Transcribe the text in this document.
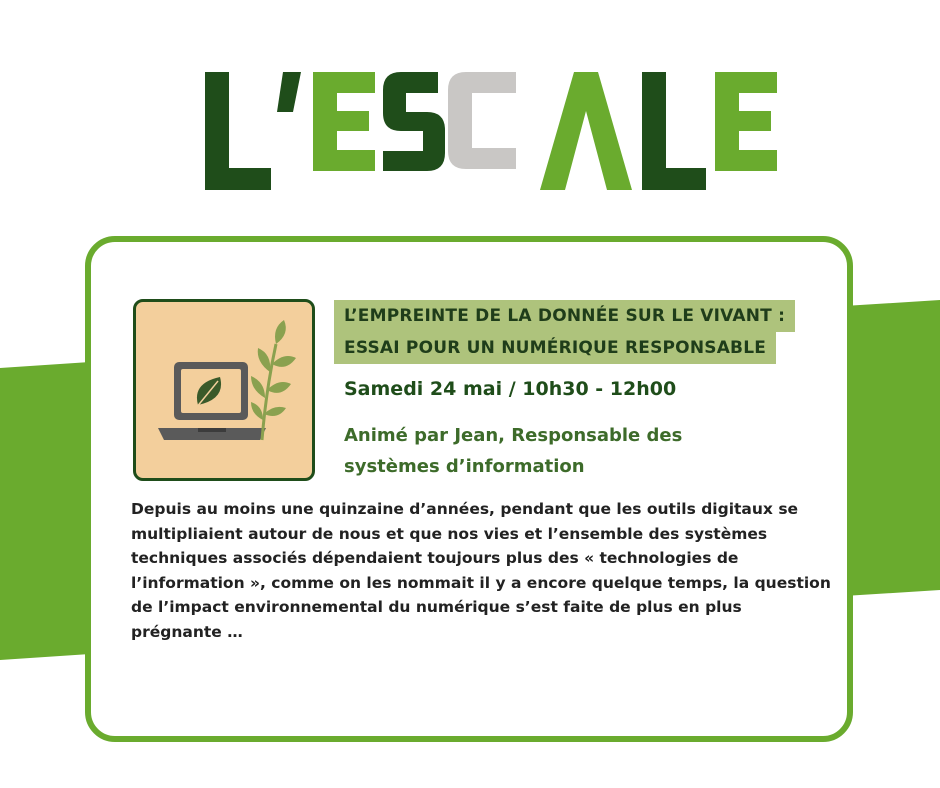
L’EMPREINTE DE LA DONNÉE SUR LE VIVANT :
ESSAI POUR UN NUMÉRIQUE RESPONSABLE
Samedi 24 mai / 10h30 - 12h00
Animé par Jean, Responsable des systèmes d’information
Depuis au moins une quinzaine d’années, pendant que les outils digitaux se multipliaient autour de nous et que nos vies et l’ensemble des systèmes techniques associés dépendaient toujours plus des « technologies de l’information », comme on les nommait il y a encore quelque temps, la question de l’impact environnemental du numérique s’est faite de plus en plus prégnante …
